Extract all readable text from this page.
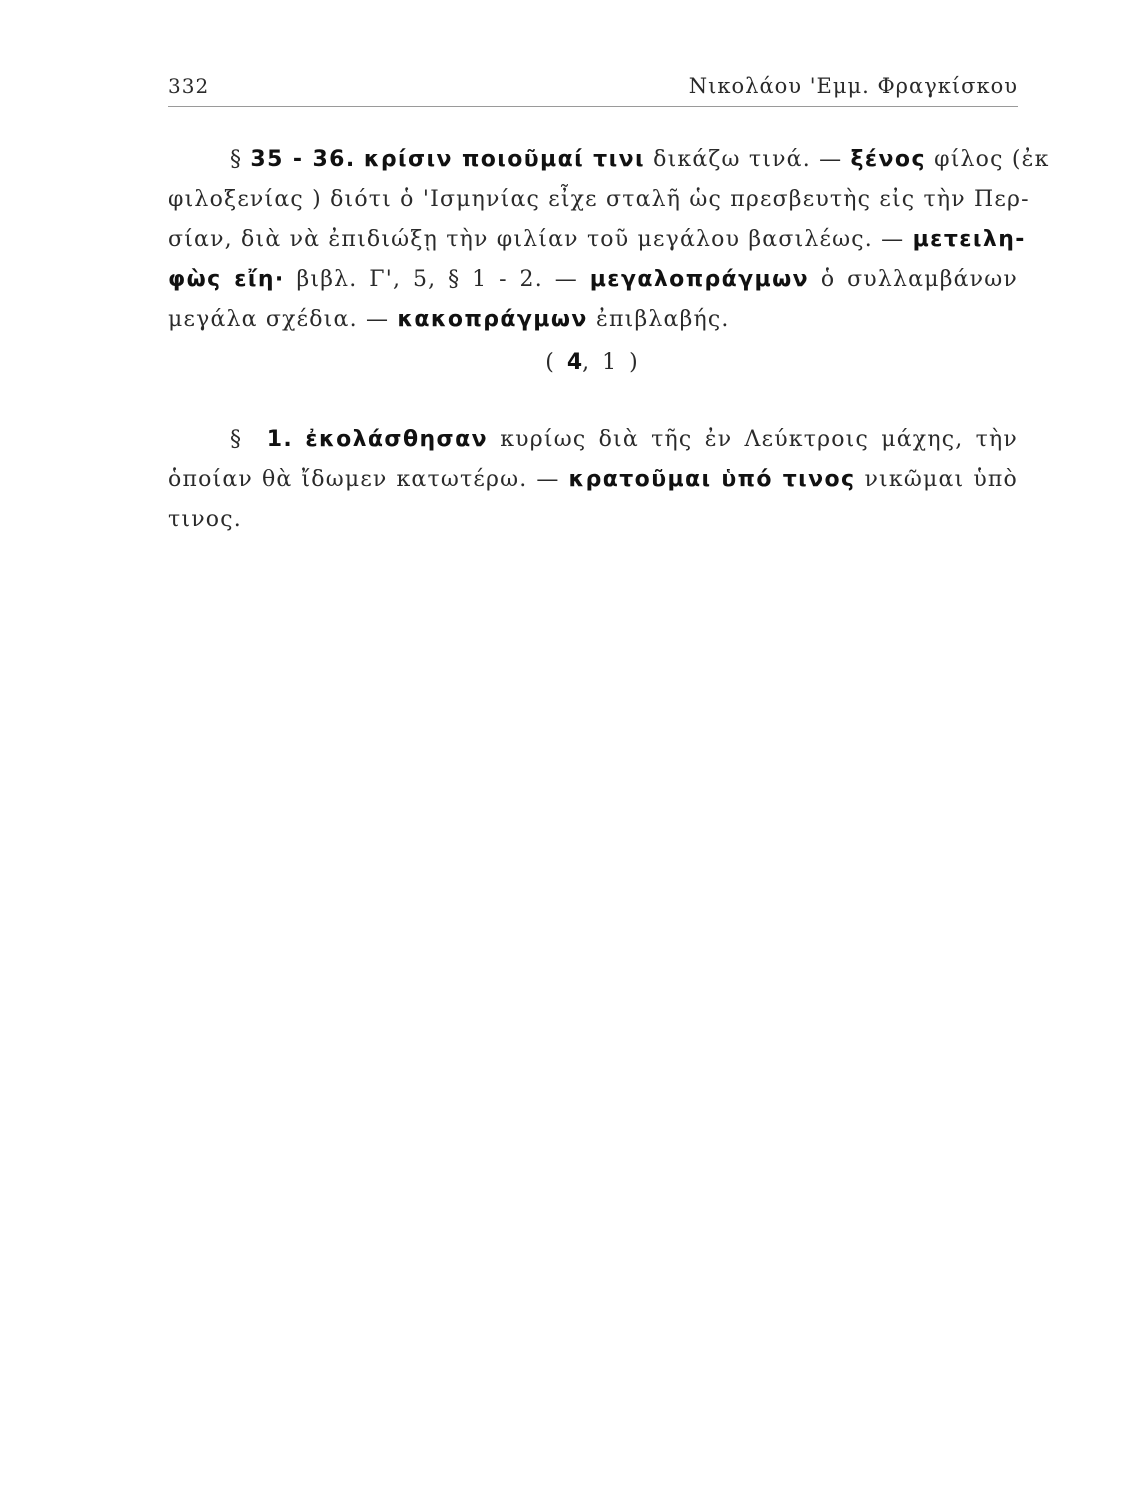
332	Νικολάου 'Εμμ. Φραγκίσκου
§ 35 - 36. κρίσιν ποιοῦμαί τινι δικάζω τινά. — ξένος φίλος (ἐκ
φιλοξενίας ) διότι ὁ 'Ισμηνίας εἶχε σταλῆ ὡς πρεσβευτὴς εἰς τὴν Περ-
σίαν, διὰ νὰ ἐπιδιώξῃ τὴν φιλίαν τοῦ μεγάλου βασιλέως. — μετειλη-
φὼς εἴη· βιβλ. Γ', 5, § 1 - 2. — μεγαλοπράγμων ὁ συλλαμβάνων
μεγάλα σχέδια. — κακοπράγμων ἐπιβλαβής.
( 4, 1 )
§ 1. ἐκολάσθησαν κυρίως διὰ τῆς ἐν Λεύκτροις μάχης, τὴν
ὁποίαν θὰ ἴδωμεν κατωτέρω. — κρατοῦμαι ὑπό τινος νικῶμαι ὑπὸ
τινος.
